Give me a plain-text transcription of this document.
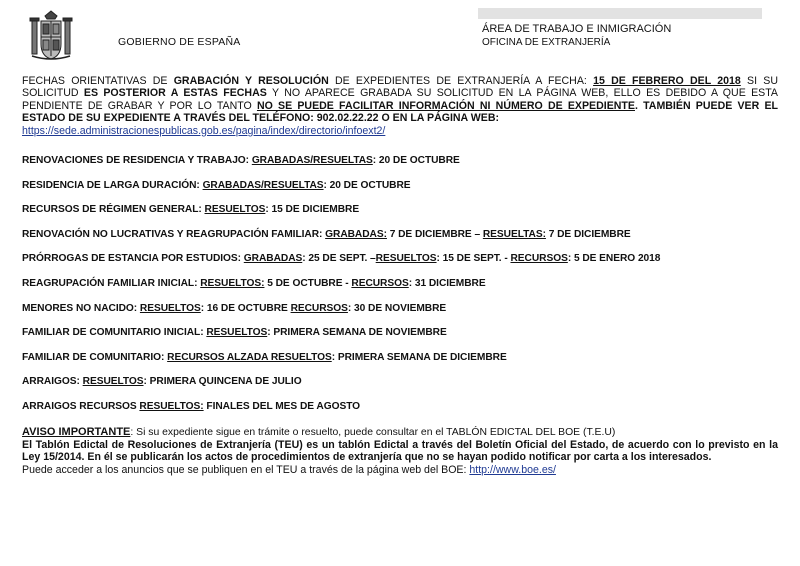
GOBIERNO DE ESPAÑA
ÁREA DE TRABAJO E INMIGRACIÓN
OFICINA DE EXTRANJERÍA

FECHAS ORIENTATIVAS DE GRABACIÓN Y RESOLUCIÓN DE EXPEDIENTES DE EXTRANJERÍA A FECHA: 15 DE FEBRERO DEL 2018 SI SU SOLICITUD ES POSTERIOR A ESTAS FECHAS Y NO APARECE GRABADA SU SOLICITUD EN LA PÁGINA WEB, ELLO ES DEBIDO A QUE ESTA PENDIENTE DE GRABAR Y POR LO TANTO NO SE PUEDE FACILITAR INFORMACIÓN NI NÚMERO DE EXPEDIENTE. TAMBIÉN PUEDE VER EL ESTADO DE SU EXPEDIENTE A TRAVÉS DEL TELÉFONO: 902.02.22.22 O EN LA PÁGINA WEB:
https://sede.administracionespublicas.gob.es/pagina/index/directorio/infoext2/

RENOVACIONES DE RESIDENCIA Y TRABAJO: GRABADAS/RESUELTAS: 20 DE OCTUBRE
RESIDENCIA DE LARGA DURACIÓN: GRABADAS/RESUELTAS: 20 DE OCTUBRE
RECURSOS DE RÉGIMEN GENERAL: RESUELTOS: 15 DE DICIEMBRE
RENOVACIÓN NO LUCRATIVAS Y REAGRUPACIÓN FAMILIAR: GRABADAS: 7 DE DICIEMBRE – RESUELTAS: 7 DE DICIEMBRE
PRÓRROGAS DE ESTANCIA POR ESTUDIOS: GRABADAS: 25 DE SEPT. –RESUELTOS: 15 DE SEPT. - RECURSOS: 5 DE ENERO 2018
REAGRUPACIÓN FAMILIAR INICIAL: RESUELTOS: 5 DE OCTUBRE - RECURSOS: 31 DICIEMBRE
MENORES NO NACIDO: RESUELTOS: 16 DE OCTUBRE RECURSOS: 30 DE NOVIEMBRE
FAMILIAR DE COMUNITARIO INICIAL: RESUELTOS: PRIMERA SEMANA DE NOVIEMBRE
FAMILIAR DE COMUNITARIO: RECURSOS ALZADA RESUELTOS: PRIMERA SEMANA DE DICIEMBRE
ARRAIGOS: RESUELTOS: PRIMERA QUINCENA DE JULIO
ARRAIGOS RECURSOS RESUELTOS: FINALES DEL MES DE AGOSTO

AVISO IMPORTANTE: Si su expediente sigue en trámite o resuelto, puede consultar en el TABLÓN EDICTAL DEL BOE (T.E.U)

El Tablón Edictal de Resoluciones de Extranjería (TEU) es un tablón Edictal a través del Boletín Oficial del Estado, de acuerdo con lo previsto en la Ley 15/2014. En él se publicarán los actos de procedimientos de extranjería que no se hayan podido notificar por carta a los interesados.

Puede acceder a los anuncios que se publiquen en el TEU a través de la página web del BOE: http://www.boe.es/
